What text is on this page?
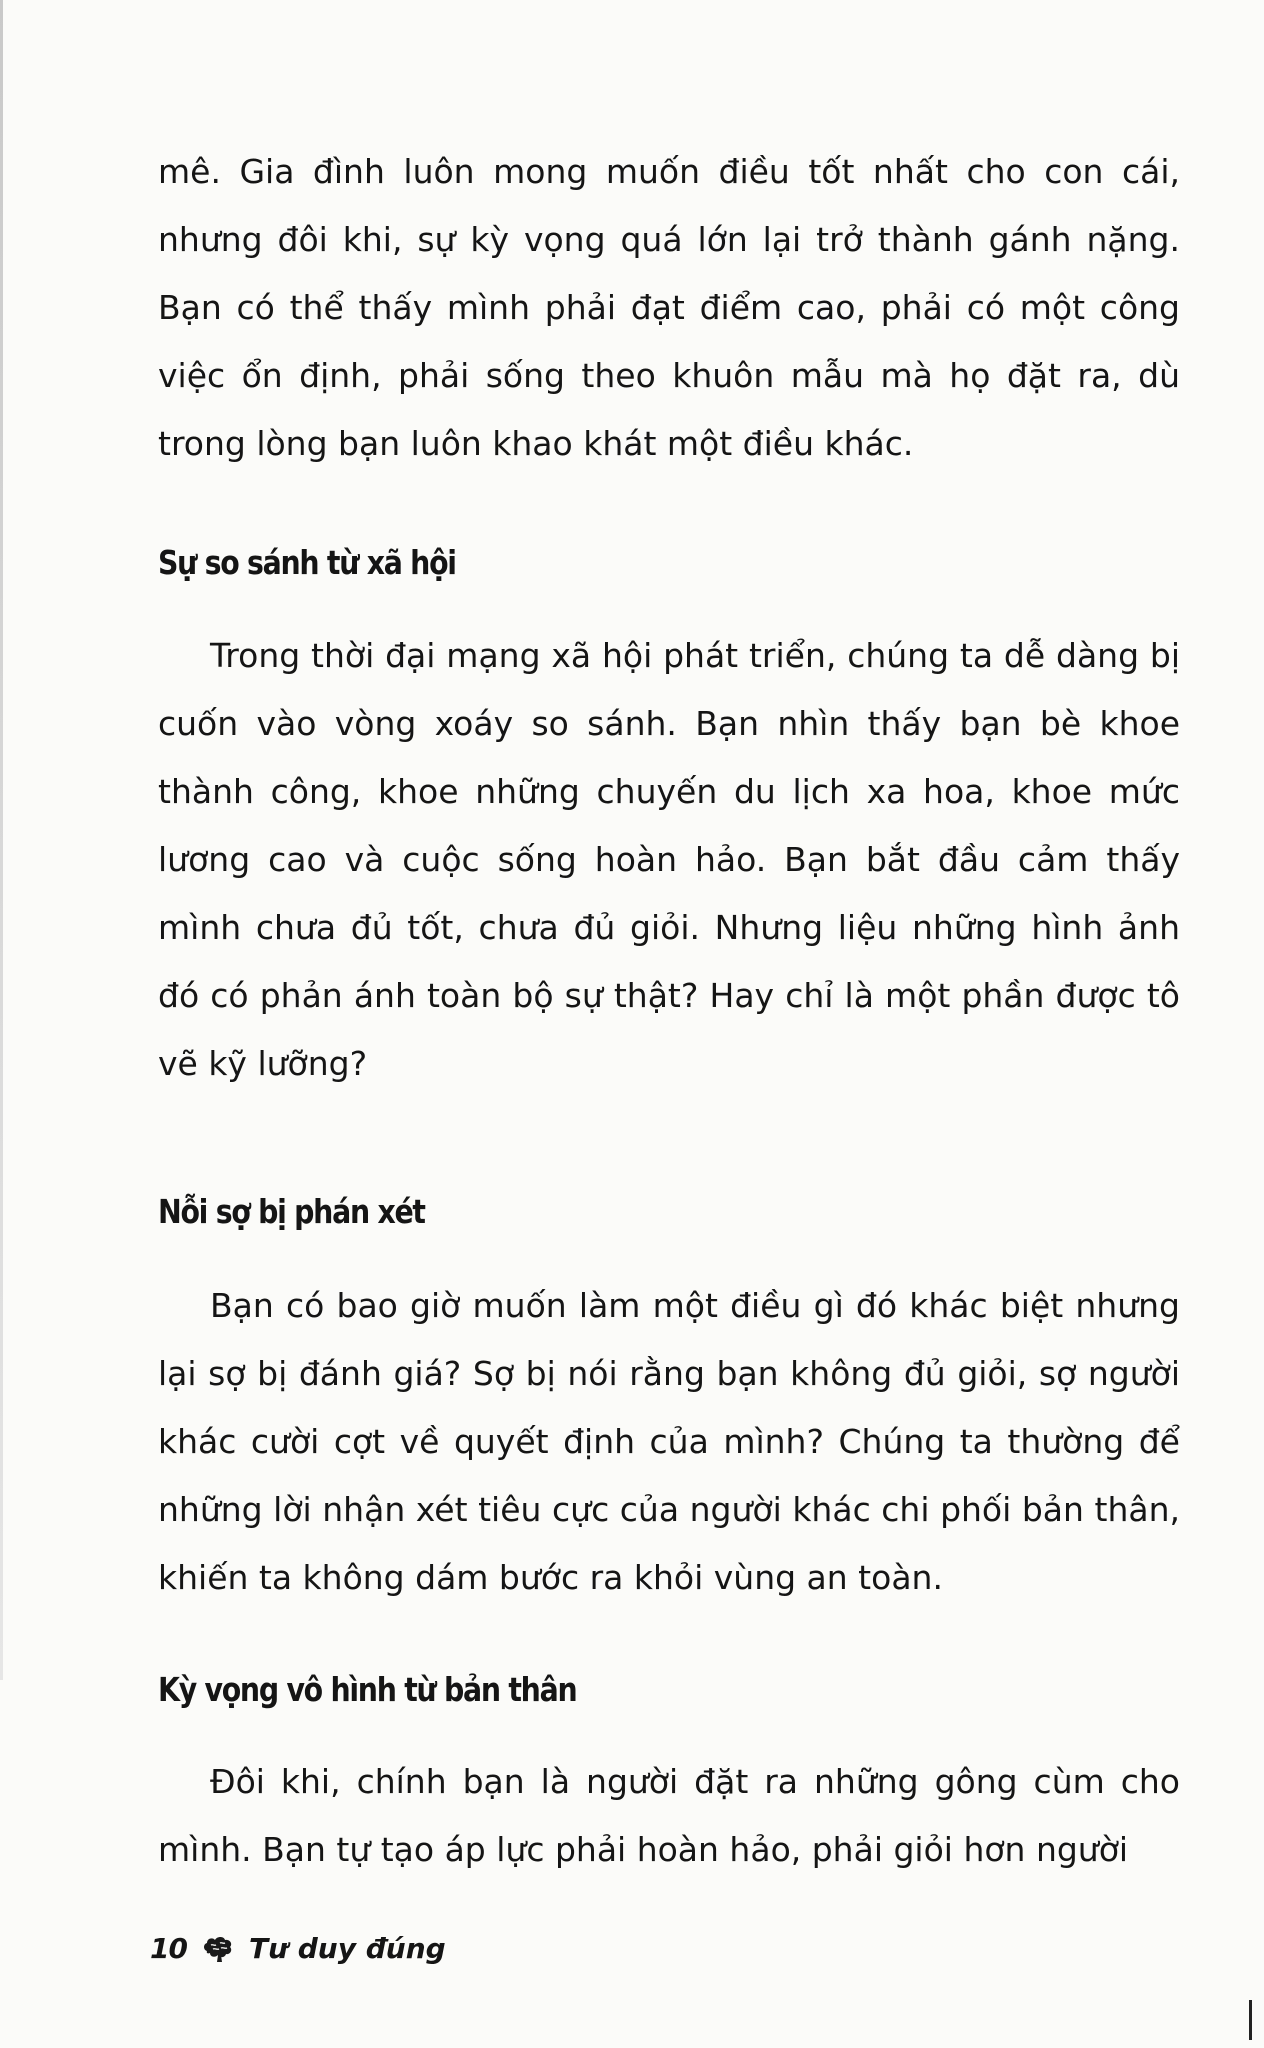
mê. Gia đình luôn mong muốn điều tốt nhất cho con cái, nhưng đôi khi, sự kỳ vọng quá lớn lại trở thành gánh nặng. Bạn có thể thấy mình phải đạt điểm cao, phải có một công việc ổn định, phải sống theo khuôn mẫu mà họ đặt ra, dù trong lòng bạn luôn khao khát một điều khác.

Sự so sánh từ xã hội

Trong thời đại mạng xã hội phát triển, chúng ta dễ dàng bị cuốn vào vòng xoáy so sánh. Bạn nhìn thấy bạn bè khoe thành công, khoe những chuyến du lịch xa hoa, khoe mức lương cao và cuộc sống hoàn hảo. Bạn bắt đầu cảm thấy mình chưa đủ tốt, chưa đủ giỏi. Nhưng liệu những hình ảnh đó có phản ánh toàn bộ sự thật? Hay chỉ là một phần được tô vẽ kỹ lưỡng?

Nỗi sợ bị phán xét

Bạn có bao giờ muốn làm một điều gì đó khác biệt nhưng lại sợ bị đánh giá? Sợ bị nói rằng bạn không đủ giỏi, sợ người khác cười cợt về quyết định của mình? Chúng ta thường để những lời nhận xét tiêu cực của người khác chi phối bản thân, khiến ta không dám bước ra khỏi vùng an toàn.

Kỳ vọng vô hình từ bản thân

Đôi khi, chính bạn là người đặt ra những gông cùm cho mình. Bạn tự tạo áp lực phải hoàn hảo, phải giỏi hơn người

10 Tư duy đúng
